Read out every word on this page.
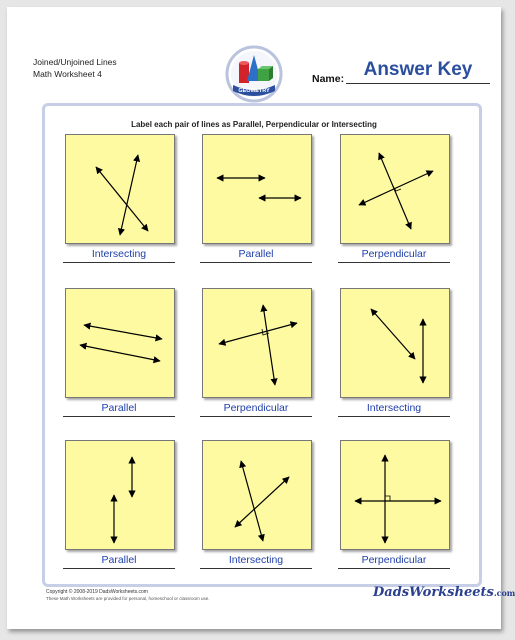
Joined/Unjoined Lines
Math Worksheet 4
GEOMETRY
Name:	Answer Key
Label each pair of lines as Parallel, Perpendicular or Intersecting
Intersecting	Parallel	Perpendicular
Parallel	Perpendicular	Intersecting
Parallel	Intersecting	Perpendicular
Copyright © 2008-2019 DadsWorksheets.com
These Math Worksheets are provided for personal, homeschool or classroom use.	DadsWorksheets.com
